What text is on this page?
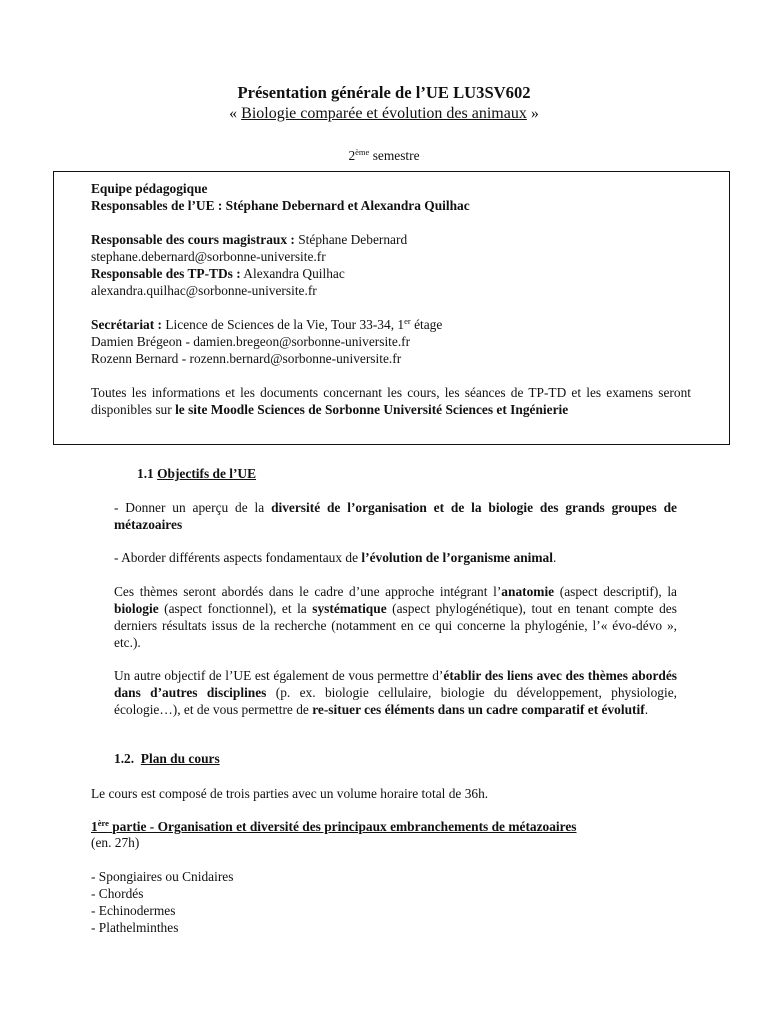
Présentation générale de l’UE LU3SV602
« Biologie comparée et évolution des animaux »
2ème semestre

Equipe pédagogique

Responsables de l’UE : Stéphane Debernard et Alexandra Quilhac

Responsable des cours magistraux : Stéphane Debernard

stephane.debernard@sorbonne-universite.fr

Responsable des TP-TDs : Alexandra Quilhac

alexandra.quilhac@sorbonne-universite.fr

Secrétariat : Licence de Sciences de la Vie, Tour 33-34, 1er étage

Damien Brégeon - damien.bregeon@sorbonne-universite.fr

Rozenn Bernard - rozenn.bernard@sorbonne-universite.fr

Toutes les informations et les documents concernant les cours, les séances de TP-TD et les examens seront disponibles sur le site Moodle Sciences de Sorbonne Université Sciences et Ingénierie

1.1 Objectifs de l’UE

- Donner un aperçu de la diversité de l’organisation et de la biologie des grands groupes de métazoaires

- Aborder différents aspects fondamentaux de l’évolution de l’organisme animal.

Ces thèmes seront abordés dans le cadre d’une approche intégrant l’anatomie (aspect descriptif), la biologie (aspect fonctionnel), et la systématique (aspect phylogénétique), tout en tenant compte des derniers résultats issus de la recherche (notamment en ce qui concerne la phylogénie, l’« évo-dévo », etc.).

Un autre objectif de l’UE est également de vous permettre d’établir des liens avec des thèmes abordés dans d’autres disciplines (p. ex. biologie cellulaire, biologie du développement, physiologie, écologie…), et de vous permettre de re-situer ces éléments dans un cadre comparatif et évolutif.

1.2. Plan du cours
Le cours est composé de trois parties avec un volume horaire total de 36h.
1ère partie - Organisation et diversité des principaux embranchements de métazoaires
(en. 27h)
- Spongiaires ou Cnidaires
- Chordés
- Echinodermes
- Plathelminthes
